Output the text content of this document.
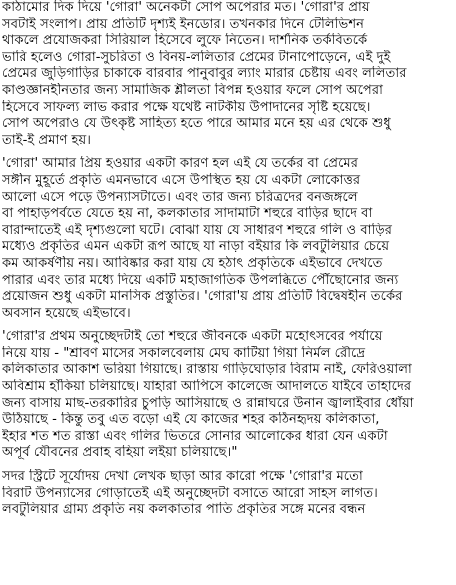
কাঠামোর দিক দিয়ে 'গোরা' অনেকটা সোপ অপেরার মত। 'গোরা'র প্রায়
সবটাই সংলাপ। প্রায় প্রতিটি দৃশ্যই ইনডোর। তখনকার দিনে টেলিভিশন
থাকলে প্রযোজকরা সিরিয়াল হিসেবে লুফে নিতেন। দার্শনিক তর্কবিতর্কে
ভারি হলেও গোরা-সুচরিতা ও বিনয়-ললিতার প্রেমের টানাপোড়েনে, এই দুই
প্রেমের জুড়িগাড়ির চাকাকে বারবার পানুবাবুর ল্যাং মারার চেষ্টায় এবং ললিতার
কাণ্ডজ্ঞানহীনতার জন্য সামাজিক শ্লীলতা বিপন্ন হওয়ার ফলে সোপ অপেরা
হিসেবে সাফল্য লাভ করার পক্ষে যথেষ্ট নাটকীয় উপাদানের সৃষ্টি হয়েছে।
সোপ অপেরাও যে উৎকৃষ্ট সাহিত্য হতে পারে আমার মনে হয় এর থেকে শুধু
তাই-ই প্রমাণ হয়।
'গোরা' আমার প্রিয় হওয়ার একটা কারণ হল এই যে তর্কের বা প্রেমের
সঙ্গীন মুহূর্তে প্রকৃতি এমনভাবে এসে উপস্থিত হয় যে একটা লোকোত্তর
আলো এসে পড়ে উপন্যাসটাতে। এবং তার জন্য চরিত্রদের বনজঙ্গলে
বা পাহাড়পর্বতে যেতে হয় না, কলকাতার সাদামাটা শহুরে বাড়ির ছাদে বা
বারান্দাতেই এই দৃশ্যগুলো ঘটে। বোঝা যায় যে সাধারণ শহুরে গলি ও বাড়ির
মধ্যেও প্রকৃতির এমন একটা রূপ আছে যা নাড়া বইয়ার কি লবটুলিয়ার চেয়ে
কম আকর্ষণীয় নয়। আবিষ্কার করা যায় যে হঠাৎ প্রকৃতিকে এইভাবে দেখতে
পারার এবং তার মধ্যে দিয়ে একটি মহাজাগতিক উপলব্ধিতে পৌঁছোনোর জন্য
প্রয়োজন শুধু একটা মানসিক প্রস্তুতির। 'গোরা'য় প্রায় প্রতিটি বিদ্বেষহীন তর্কের
অবসান হয়েছে এইভাবে।
'গোরা'র প্রথম অনুচ্ছেদটাই তো শহুরে জীবনকে একটা মহোৎসবের পর্যায়ে
নিয়ে যায় - "শ্রাবণ মাসের সকালবেলায় মেঘ কাটিয়া গিয়া নির্মল রৌদ্রে
কলিকাতার আকাশ ভরিয়া গিয়াছে। রাস্তায় গাড়িঘোড়ার বিরাম নাই, ফেরিওয়ালা
অবিশ্রাম হাঁকিয়া চলিয়াছে। যাহারা আপিসে কালেজে আদালতে যাইবে তাহাদের
জন্য বাসায় মাছ-তরকারির চুপড়ি আসিয়াছে ও রান্নাঘরে উনান জ্বালাইবার ধোঁয়া
উঠিয়াছে - কিন্তু তবু এত বড়ো এই যে কাজের শহর কঠিনহৃদয় কলিকাতা,
ইহার শত শত রাস্তা এবং গলির ভিতরে সোনার আলোকের ধারা যেন একটা
অপূর্ব যৌবনের প্রবাহ বহিয়া লইয়া চলিয়াছে।"
সদর স্ট্রিটে সূর্যোদয় দেখা লেখক ছাড়া আর কারো পক্ষে 'গোরা'র মতো
বিরাট উপন্যাসের গোড়াতেই এই অনুচ্ছেদটা বসাতে আরো সাহস লাগত।
লবটুলিয়ার গ্রাম্য প্রকৃতি নয় কলকাতার পাতি প্রকৃতির সঙ্গে মনের বন্ধন
